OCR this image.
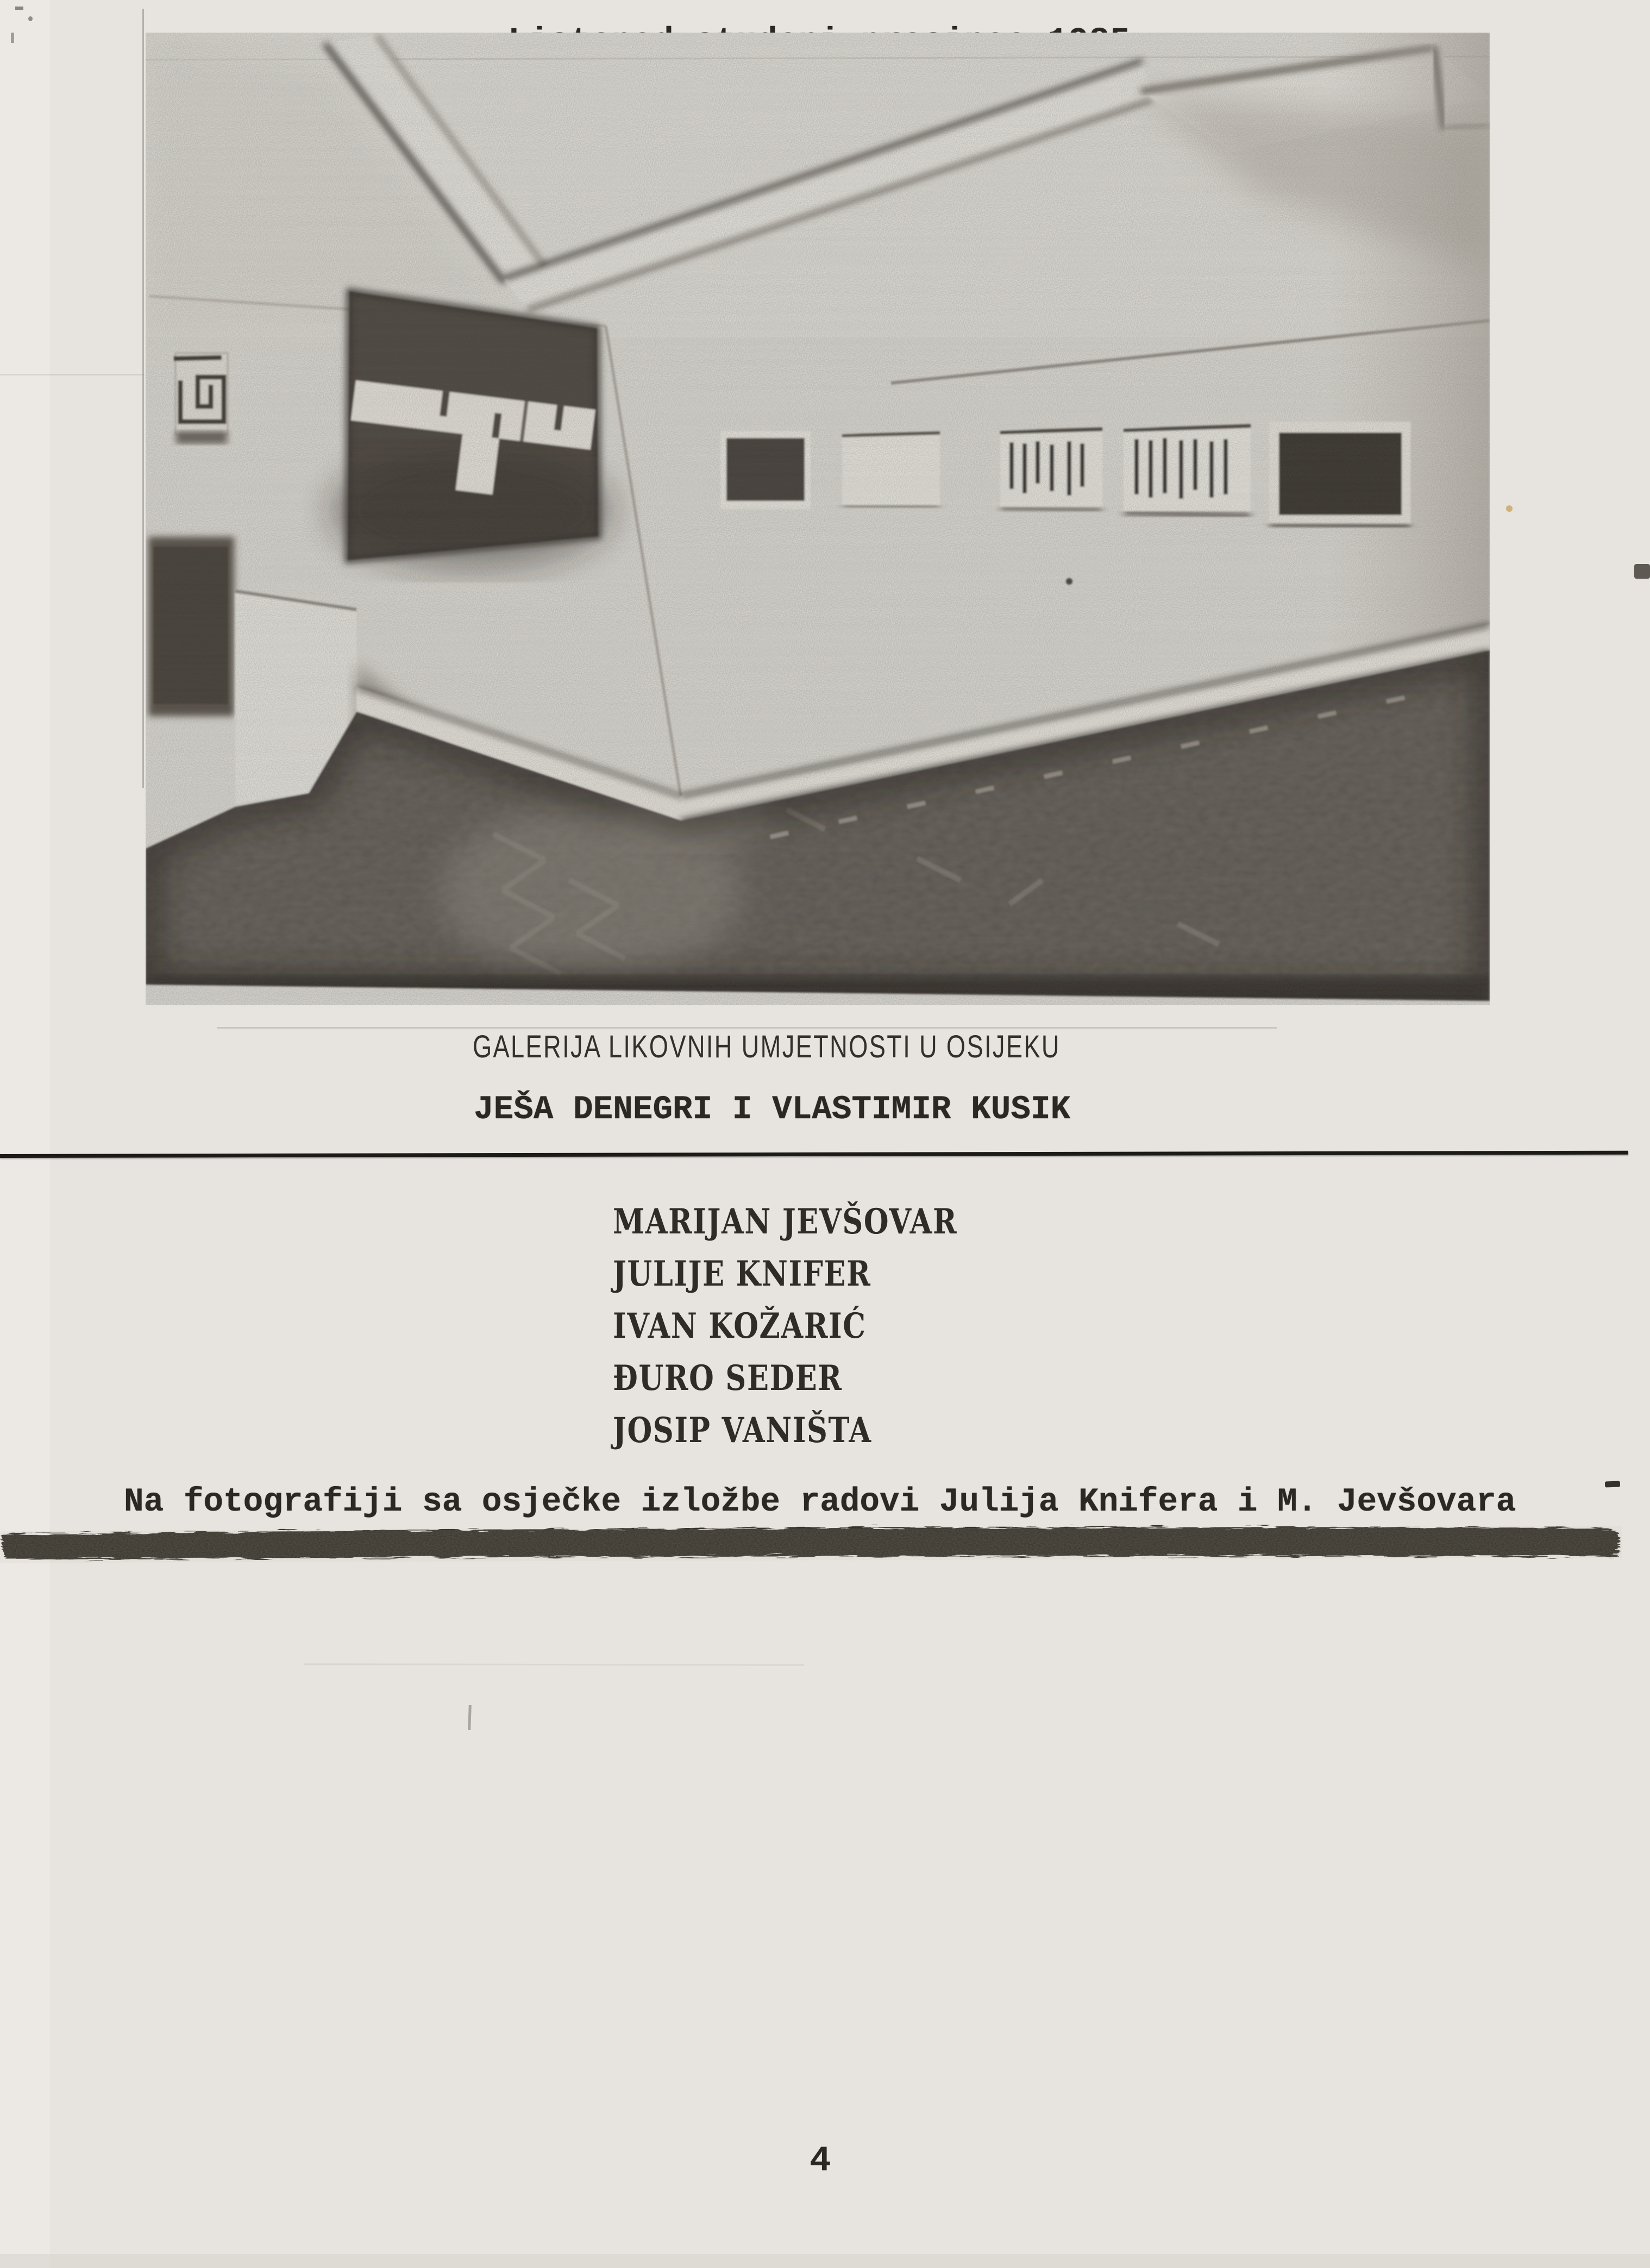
GALERIJA LIKOVNIH UMJETNOSTI U OSIJEKU
JEŠA DENEGRI I VLASTIMIR KUSIK
MARIJAN JEVŠOVAR
JULIJE KNIFER
IVAN KOŽARIĆ
ĐURO SEDER
JOSIP VANIŠTA
Na fotografiji sa osječke izložbe radovi Julija Knifera i M. Jevšovara
4
